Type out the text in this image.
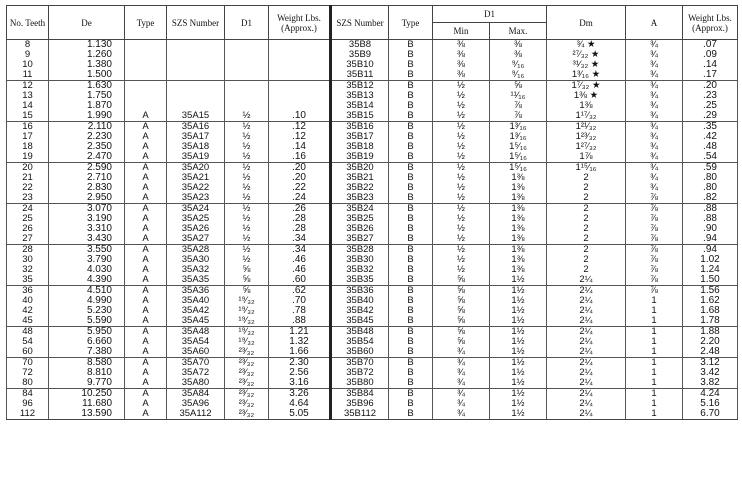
No. Teeth	De	Type	SZS Number	D1	Weight Lbs. (Approx.)	SZS Number	Type	D1		Dm	A	Weight Lbs. (Approx.)
								Min	Max.			
8	1.130					35B8	B	⅜	⅜	¾ ★	¾	.07
9	1.260					35B9	B	⅜	⅜	²⁷⁄₃₂ ★	¾	.09
10	1.380					35B10	B	⅜	⁹⁄₁₆	³¹⁄₃₂ ★	¾	.14
11	1.500					35B11	B	⅜	⁹⁄₁₆	1³⁄₁₆ ★	¾	.17
12	1.630					35B12	B	½	⅝	1⁷⁄₃₂ ★	¾	.20
13	1.750					35B13	B	½	¹¹⁄₁₆	1⅜ ★	¾	.23
14	1.870					35B14	B	½	⅞	1⅜	¾	.25
15	1.990	A	35A15	½	.10	35B15	B	½	⅞	1¹⁷⁄₃₂	¾	.29
16	2.110	A	35A16	½	.12	35B16	B	½	1³⁄₁₆	1²¹⁄₃₂	¾	.35
17	2.230	A	35A17	½	.12	35B17	B	½	1³⁄₁₆	1²³⁄₃₂	¾	.42
18	2.350	A	35A18	½	.14	35B18	B	½	1⁵⁄₁₆	1²⁷⁄₃₂	¾	.48
19	2.470	A	35A19	½	.16	35B19	B	½	1⁵⁄₁₆	1⅞	¾	.54
20	2.590	A	35A20	½	.20	35B20	B	½	1⁵⁄₁₆	1¹⁵⁄₁₆	¾	.59
21	2.710	A	35A21	½	.20	35B21	B	½	1⅜	2	¾	.80
22	2.830	A	35A22	½	.22	35B22	B	½	1⅜	2	¾	.80
23	2.950	A	35A23	½	.24	35B23	B	½	1⅜	2	⅞	.82
24	3.070	A	35A24	½	.26	35B24	B	½	1⅜	2	⅞	.88
25	3.190	A	35A25	½	.28	35B25	B	½	1⅜	2	⅞	.88
26	3.310	A	35A26	½	.28	35B26	B	½	1⅜	2	⅞	.90
27	3.430	A	35A27	½	.34	35B27	B	½	1⅜	2	⅞	.94
28	3.550	A	35A28	½	.34	35B28	B	½	1⅜	2	⅞	.94
30	3.790	A	35A30	½	.46	35B30	B	½	1⅜	2	⅞	1.02
32	4.030	A	35A32	⅝	.46	35B32	B	½	1⅜	2	⅞	1.24
35	4.390	A	35A35	⅝	.60	35B35	B	⅝	1½	2¼	⅞	1.50
36	4.510	A	35A36	⅝	.62	35B36	B	⅝	1½	2¼	⅞	1.56
40	4.990	A	35A40	¹⁹⁄₃₂	.70	35B40	B	⅝	1½	2¼	1	1.62
42	5.230	A	35A42	¹⁹⁄₃₂	.78	35B42	B	⅝	1½	2¼	1	1.68
45	5.590	A	35A45	¹⁹⁄₃₂	.88	35B45	B	⅝	1½	2¼	1	1.78
48	5.950	A	35A48	¹⁹⁄₃₂	1.21	35B48	B	⅝	1½	2¼	1	1.88
54	6.660	A	35A54	¹⁹⁄₃₂	1.32	35B54	B	⅝	1½	2¼	1	2.20
60	7.380	A	35A60	²³⁄₃₂	1.66	35B60	B	¾	1½	2¼	1	2.48
70	8.580	A	35A70	²³⁄₃₂	2.30	35B70	B	¾	1½	2¼	1	3.12
72	8.810	A	35A72	²³⁄₃₂	2.56	35B72	B	¾	1½	2¼	1	3.42
80	9.770	A	35A80	²³⁄₃₂	3.16	35B80	B	¾	1½	2¼	1	3.82
84	10.250	A	35A84	²³⁄₃₂	3.26	35B84	B	¾	1½	2¼	1	4.24
96	11.680	A	35A96	²³⁄₃₂	4.64	35B96	B	¾	1½	2¼	1	5.16
112	13.590	A	35A112	²³⁄₃₂	5.05	35B112	B	¾	1½	2¼	1	6.70
